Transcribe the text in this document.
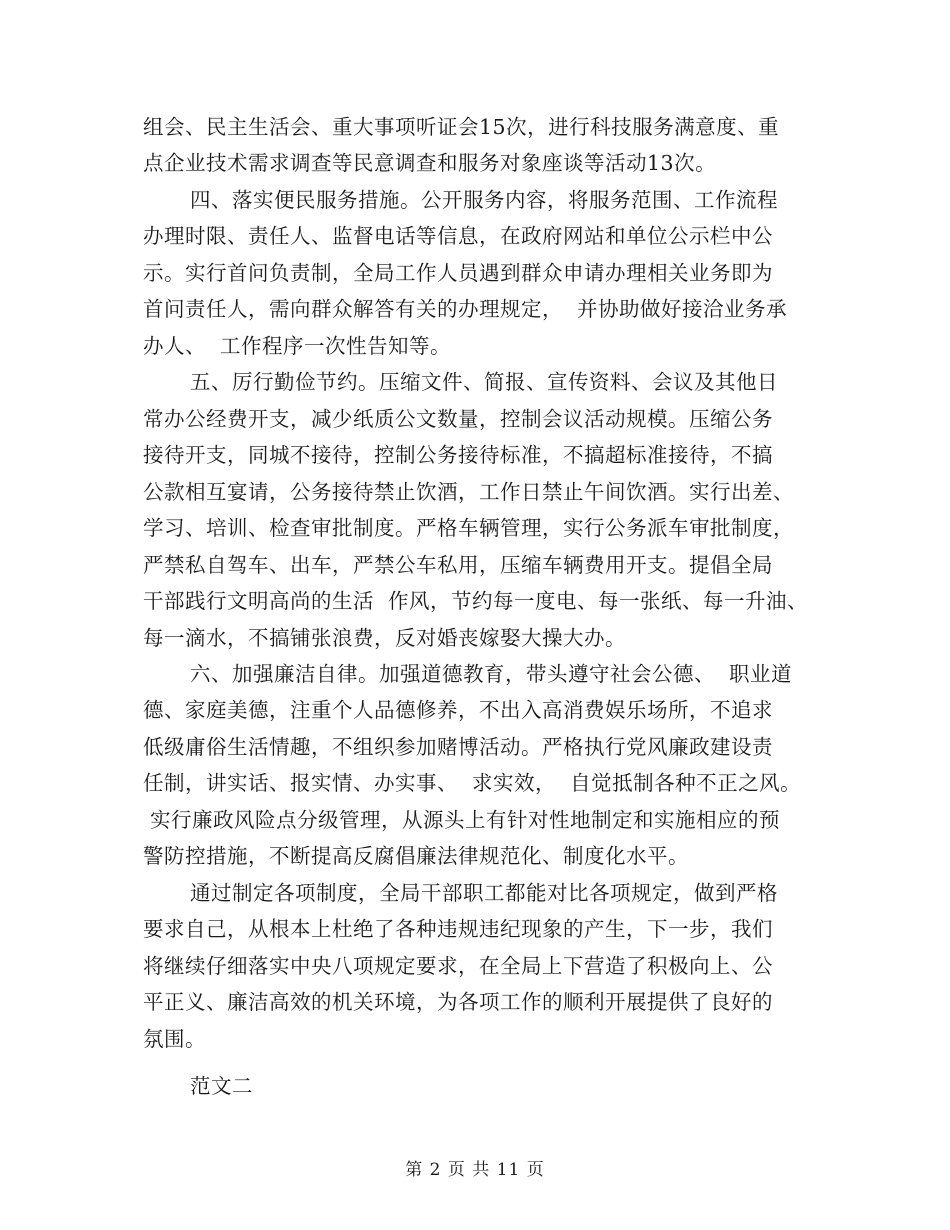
组会、民主生活会、重大事项听证会15次，进行科技服务满意度、重
点企业技术需求调查等民意调查和服务对象座谈等活动13次。
四、落实便民服务措施。公开服务内容，将服务范围、工作流程
办理时限、责任人、监督电话等信息，在政府网站和单位公示栏中公
示。实行首问负责制，全局工作人员遇到群众申请办理相关业务即为
首问责任人，需向群众解答有关的办理规定，  并协助做好接洽业务承
办人、  工作程序一次性告知等。
五、厉行勤俭节约。压缩文件、简报、宣传资料、会议及其他日
常办公经费开支，减少纸质公文数量，控制会议活动规模。压缩公务
接待开支，同城不接待，控制公务接待标准，不搞超标准接待，不搞
公款相互宴请，公务接待禁止饮酒，工作日禁止午间饮酒。实行出差、
学习、培训、检查审批制度。严格车辆管理，实行公务派车审批制度，
严禁私自驾车、出车，严禁公车私用，压缩车辆费用开支。提倡全局
干部践行文明高尚的生活  作风，节约每一度电、每一张纸、每一升油、
每一滴水，不搞铺张浪费，反对婚丧嫁娶大操大办。
六、加强廉洁自律。加强道德教育，带头遵守社会公德、  职业道
德、家庭美德，注重个人品德修养，不出入高消费娱乐场所，不追求
低级庸俗生活情趣，不组织参加赌博活动。严格执行党风廉政建设责
任制，讲实话、报实情、办实事、  求实效，  自觉抵制各种不正之风。
实行廉政风险点分级管理，从源头上有针对性地制定和实施相应的预
警防控措施，不断提高反腐倡廉法律规范化、制度化水平。
通过制定各项制度，全局干部职工都能对比各项规定，做到严格
要求自己，从根本上杜绝了各种违规违纪现象的产生，下一步，我们
将继续仔细落实中央八项规定要求，在全局上下营造了积极向上、公
平正义、廉洁高效的机关环境，为各项工作的顺利开展提供了良好的
氛围。
范文二
第 2 页 共 11 页
